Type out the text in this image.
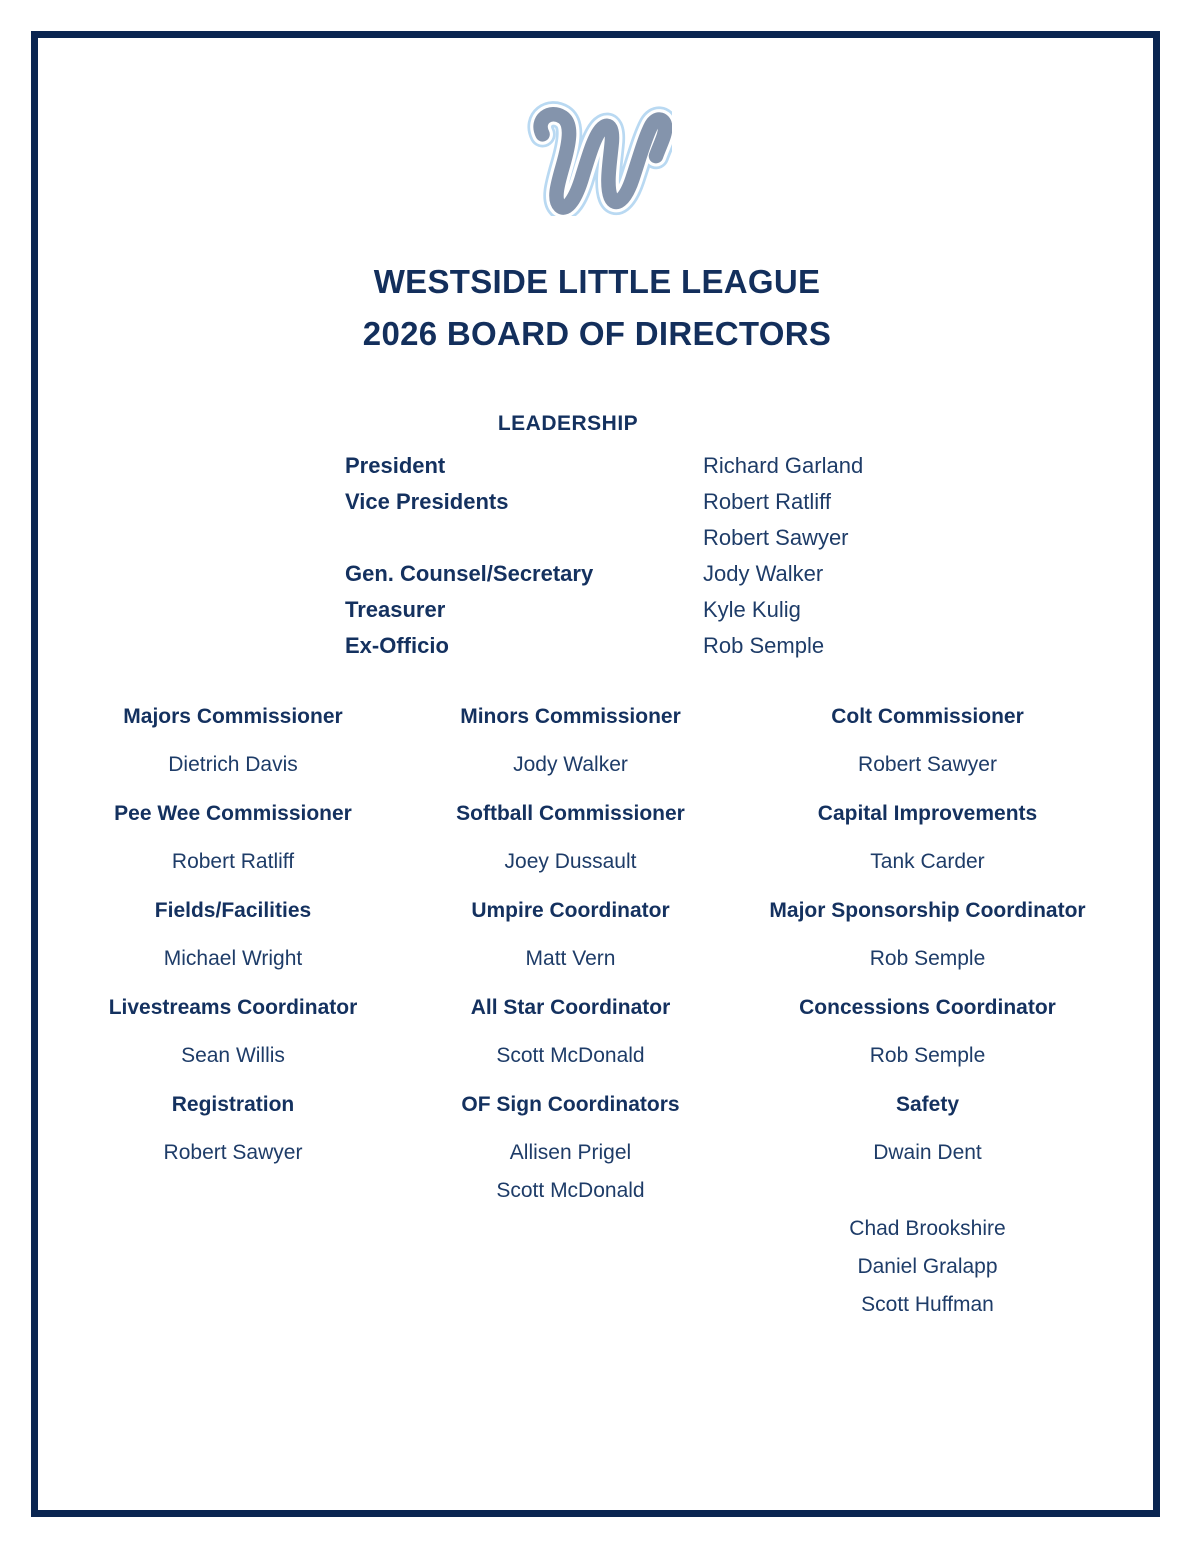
WESTSIDE LITTLE LEAGUE
2026 BOARD OF DIRECTORS
LEADERSHIP
President	Richard Garland
Vice Presidents	Robert Ratliff
Robert Sawyer
Gen. Counsel/Secretary	Jody Walker
Treasurer	Kyle Kulig
Ex-Officio	Rob Semple
Majors Commissioner
Dietrich Davis
Minors Commissioner
Jody Walker
Colt Commissioner
Robert Sawyer
Pee Wee Commissioner
Robert Ratliff
Softball Commissioner
Joey Dussault
Capital Improvements
Tank Carder
Fields/Facilities
Michael Wright
Umpire Coordinator
Matt Vern
Major Sponsorship Coordinator
Rob Semple
Livestreams Coordinator
Sean Willis
All Star Coordinator
Scott McDonald
Concessions Coordinator
Rob Semple
Registration
Robert Sawyer
OF Sign Coordinators
Allisen Prigel
Scott McDonald
Safety
Dwain Dent
Chad Brookshire
Daniel Gralapp
Scott Huffman
